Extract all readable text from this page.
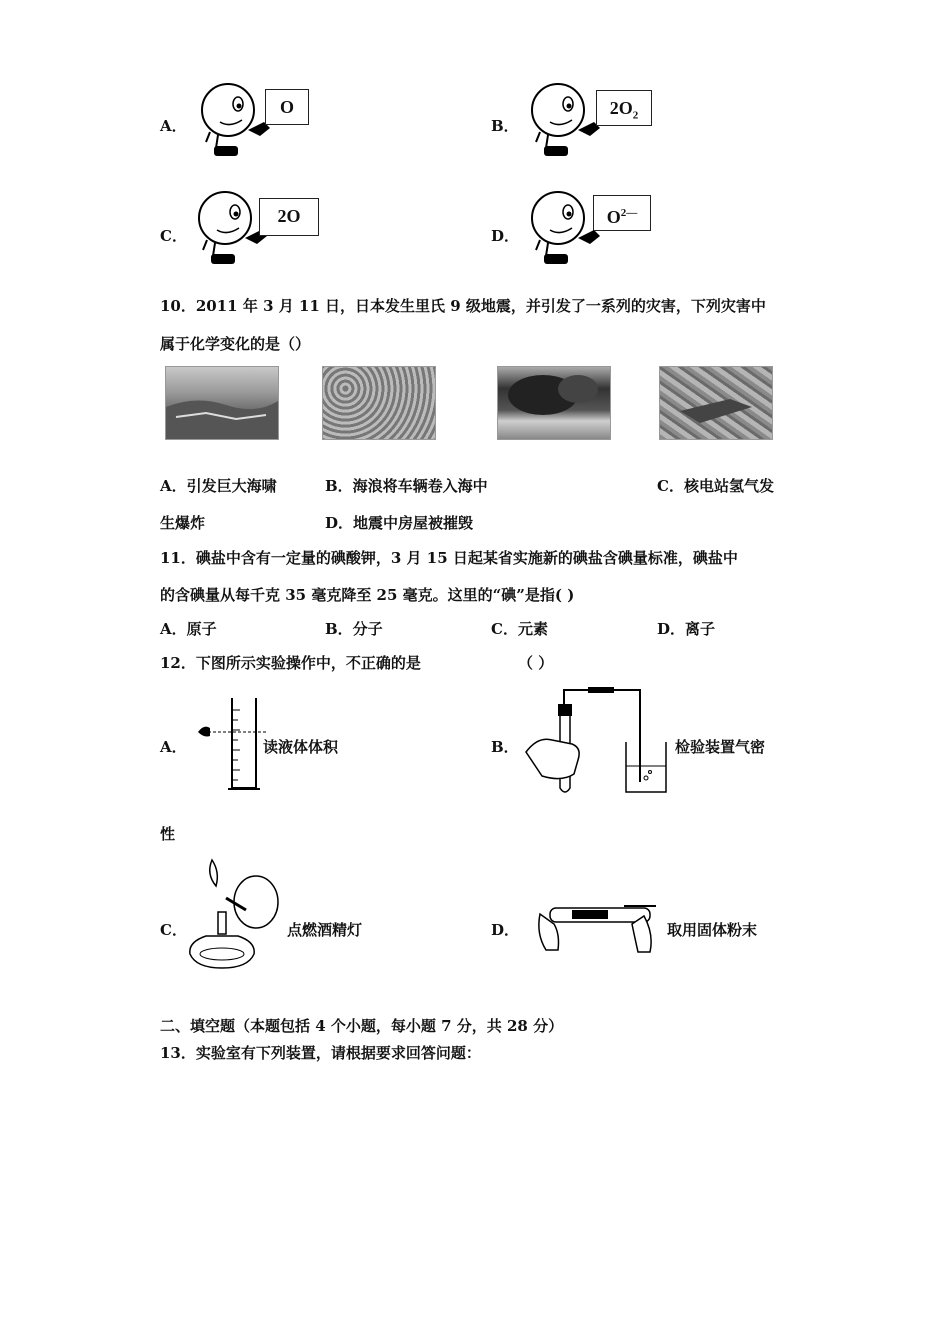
A．
O
B．
$2O_2$
C．
2O
D．
$O^{2—}$
10．2011 年 3 月 11 日，日本发生里氏 9 级地震，并引发了一系列的灾害，下列灾害中
属于化学变化的是（）
A．引发巨大海啸	B．海浪将车辆卷入海中	C．核电站氢气发
生爆炸	D．地震中房屋被摧毁
11．碘盐中含有一定量的碘酸钾，3 月 15 日起某省实施新的碘盐含碘量标准，碘盐中
的含碘量从每千克 35 毫克降至 25 毫克。这里的“碘”是指( )
A．原子	B．分子	C．元素	D．离子
12．下图所示实验操作中，不正确的是	（ ）
A．	读液体体积	B．	检验装置气密
性
C．	点燃酒精灯	D．	取用固体粉末
二、填空题（本题包括 4 个小题，每小题 7 分，共 28 分）
13．实验室有下列装置，请根据要求回答问题：
